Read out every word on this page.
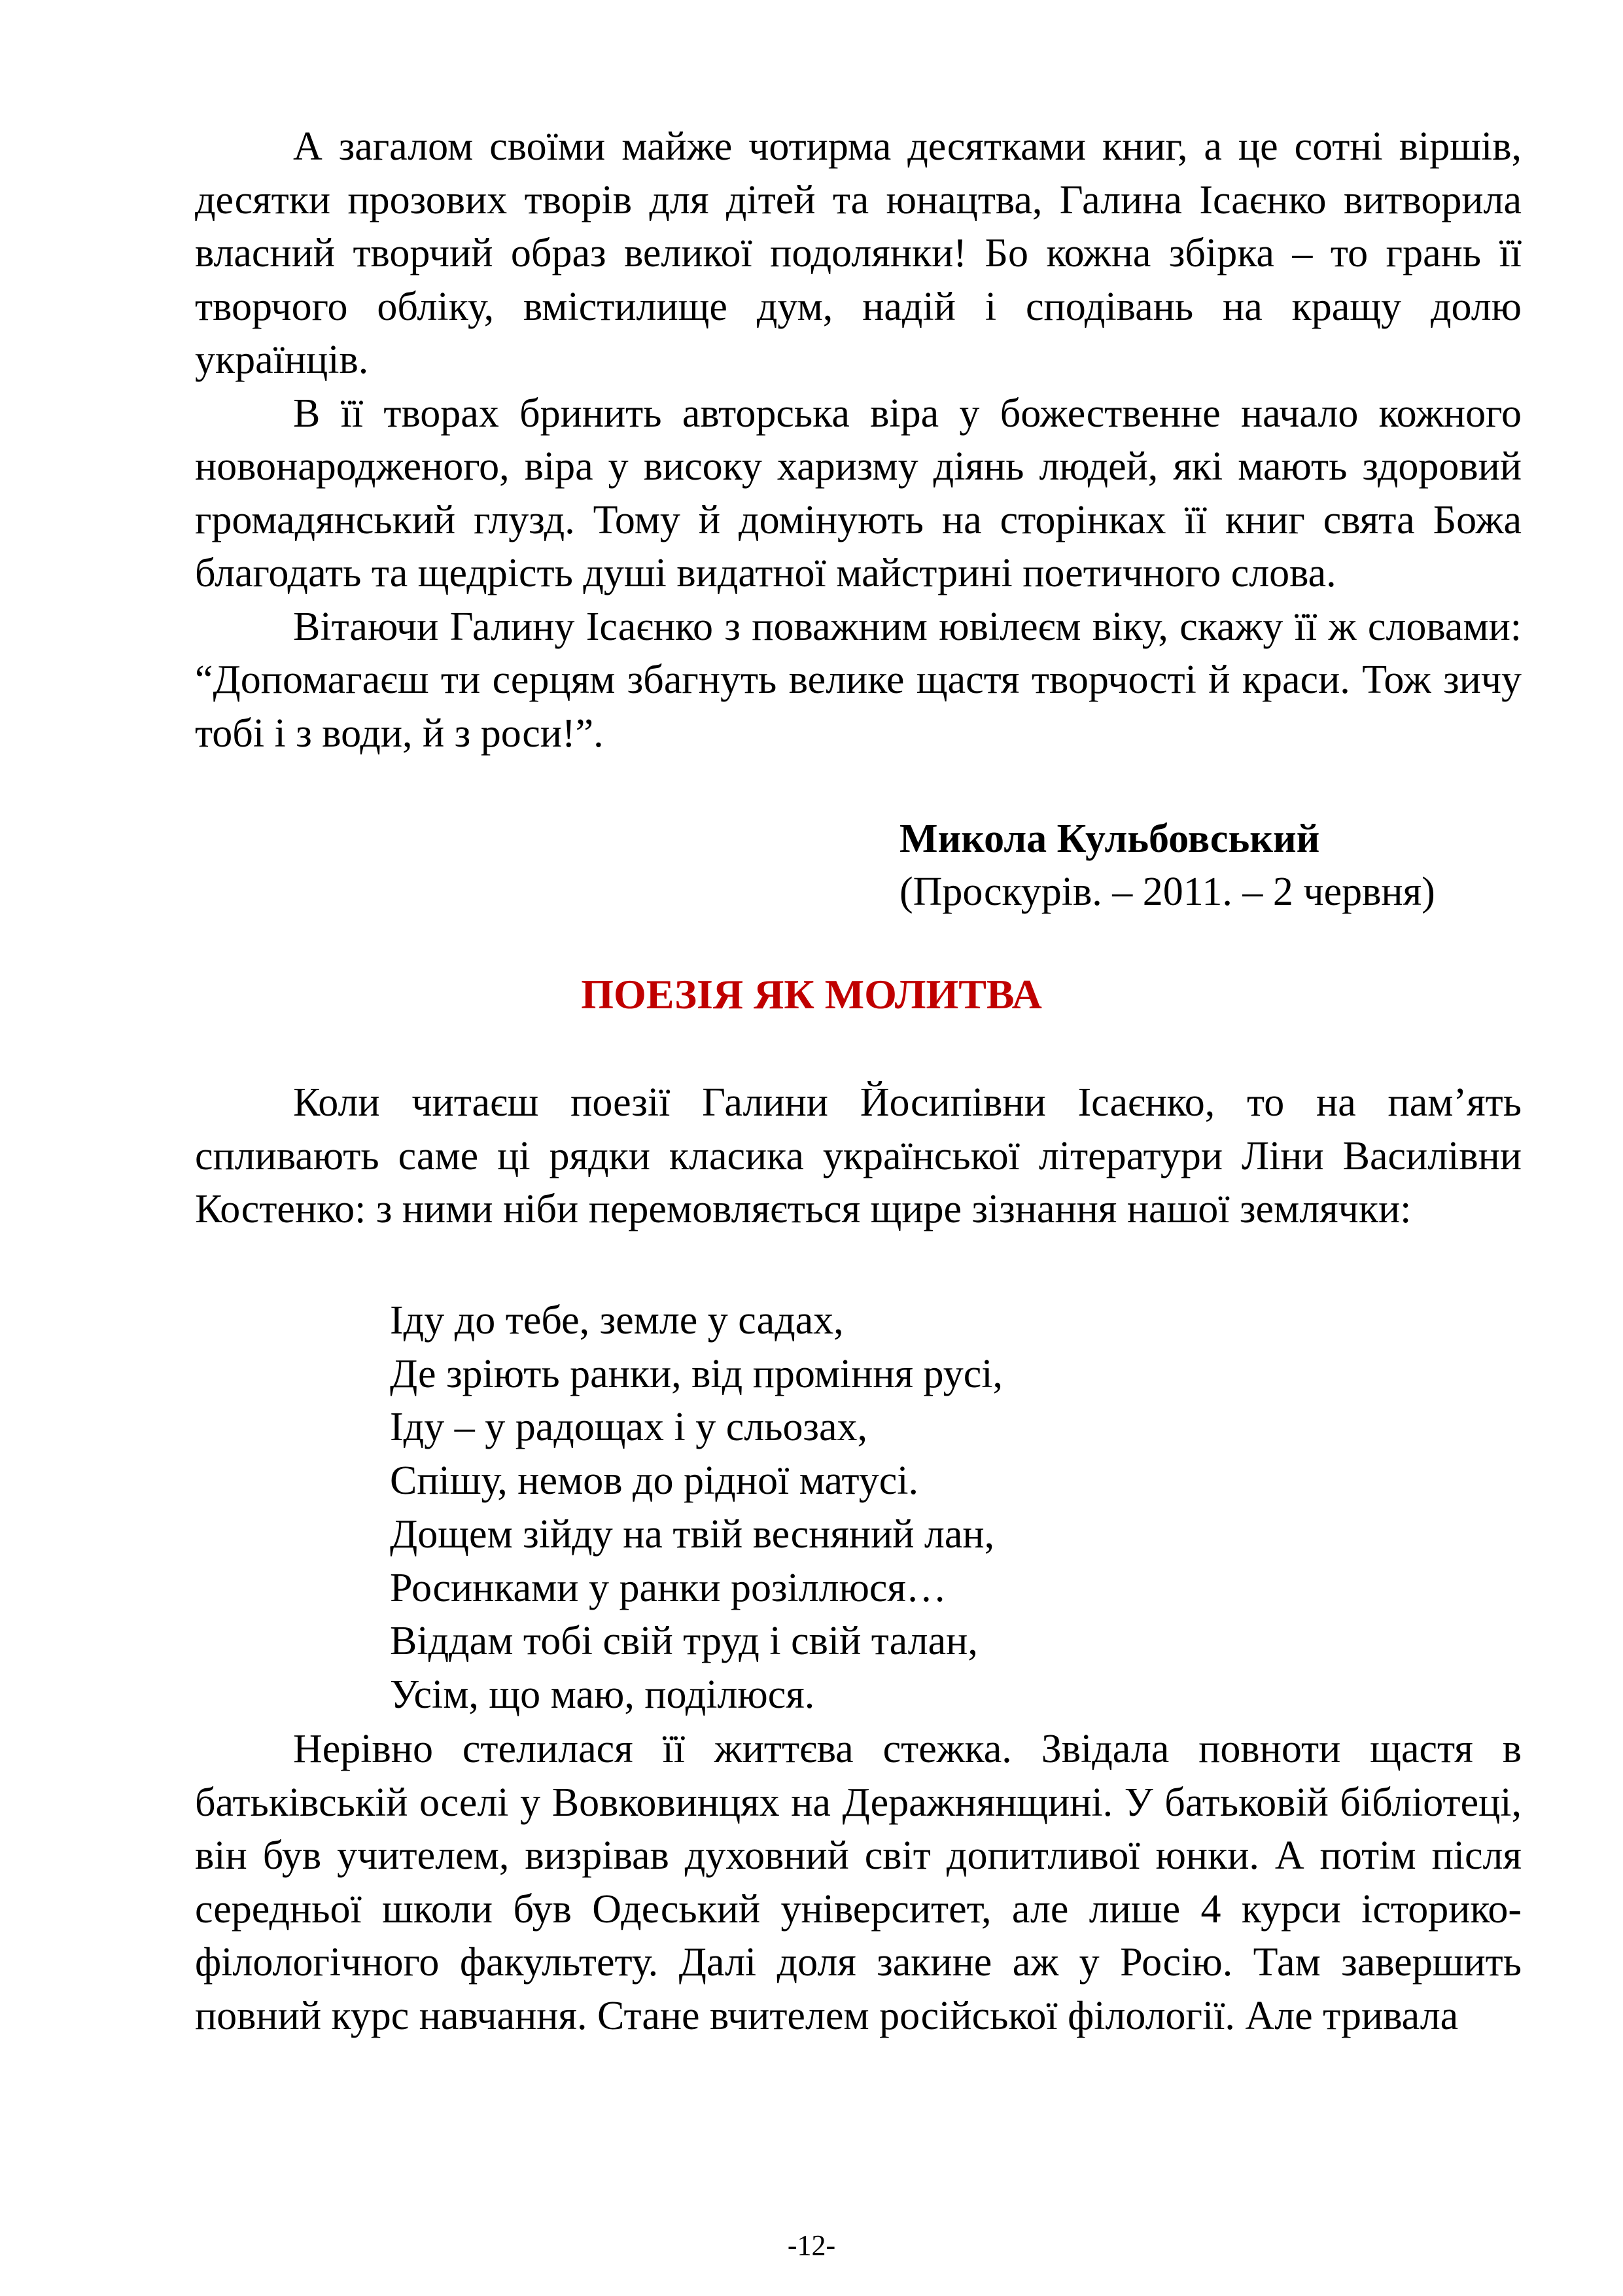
А загалом своїми майже чотирма десятками книг, а це сотні віршів, десятки прозових творів для дітей та юнацтва, Галина Ісаєнко витворила власний творчий образ великої подолянки! Бо кожна збірка – то грань її творчого обліку, вмістилище дум, надій і сподівань на кращу долю українців.

В її творах бринить авторська віра у божественне начало кожного новонародженого, віра у високу харизму діянь людей, які мають здоровий громадянський глузд. Тому й домінують на сторінках її книг свята Божа благодать та щедрість душі видатної майстрині поетичного слова.

Вітаючи Галину Ісаєнко з поважним ювілеєм віку, скажу її ж словами: “Допомагаєш ти серцям збагнуть велике щастя творчості й краси. Тож зичу тобі і з води, й з роси!”.

Микола Кульбовський
(Проскурів. – 2011. – 2 червня)
ПОЕЗІЯ ЯК МОЛИТВА

Коли читаєш поезії Галини Йосипівни Ісаєнко, то на пам’ять спливають саме ці рядки класика української літератури Ліни Василівни Костенко: з ними ніби перемовляється щире зізнання нашої землячки:

Іду до тебе, земле у садах,
Де зріють ранки, від проміння русі,
Іду – у радощах і у сльозах,
Спішу, немов до рідної матусі.
Дощем зійду на твій весняний лан,
Росинками у ранки розіллюся…
Віддам тобі свій труд і свій талан,
Усім, що маю, поділюся.

Нерівно стелилася її життєва стежка. Звідала повноти щастя в батьківській оселі у Вовковинцях на Деражнянщині. У батьковій бібліотеці, він був учителем, визрівав духовний світ допитливої юнки. А потім після середньої школи був Одеський університет, але лише 4 курси історико-філологічного факультету. Далі доля закине аж у Росію. Там завершить повний курс навчання. Стане вчителем російської філології. Але тривала

-12-
